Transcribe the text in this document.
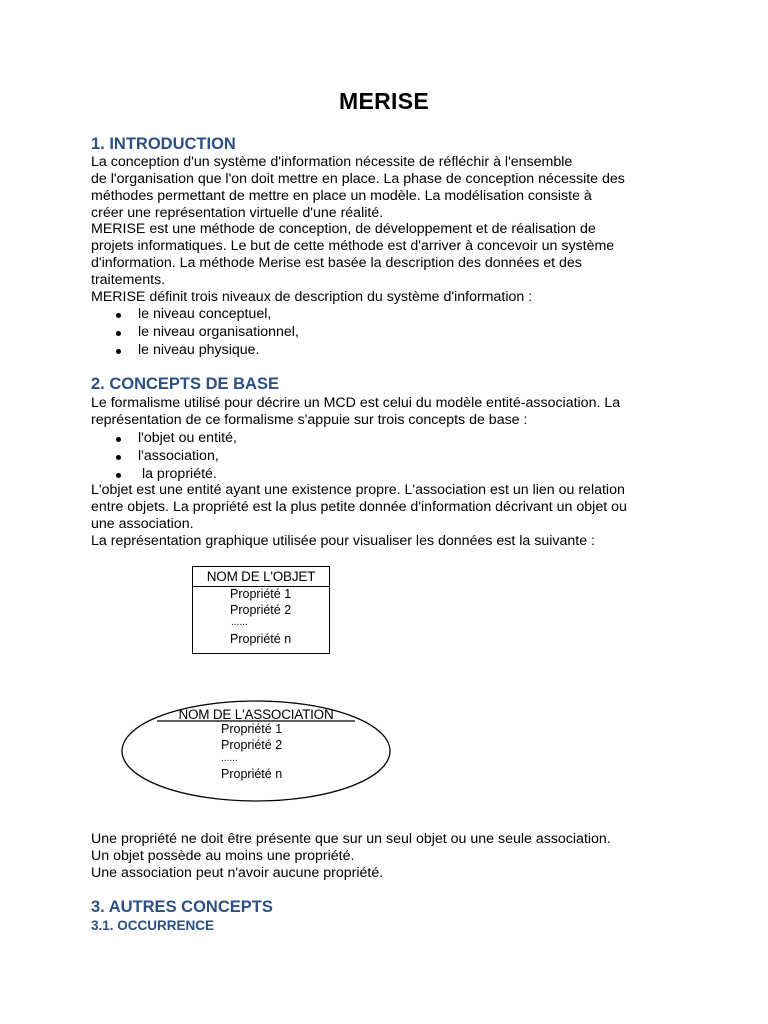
MERISE
1. INTRODUCTION
La conception d'un système d'information nécessite de réfléchir à l'ensemble
de l'organisation que l'on doit mettre en place. La phase de conception nécessite des
méthodes permettant de mettre en place un modèle. La modélisation consiste à
créer une représentation virtuelle d'une réalité.
MERISE est une méthode de conception, de développement et de réalisation de
projets informatiques. Le but de cette méthode est d'arriver à concevoir un système
d'information. La méthode Merise est basée la description des données et des
traitements.
MERISE définit trois niveaux de description du système d'information :
le niveau conceptuel,
le niveau organisationnel,
le niveau physique.
2. CONCEPTS DE BASE
Le formalisme utilisé pour décrire un MCD est celui du modèle entité-association. La
représentation de ce formalisme s'appuie sur trois concepts de base :
l'objet ou entité,
l'association,
la propriété.
L'objet est une entité ayant une existence propre. L'association est un lien ou relation
entre objets. La propriété est la plus petite donnée d'information décrivant un objet ou
une association.
La représentation graphique utilisée pour visualiser les données est la suivante :
NOM DE L'OBJET
Propriété 1
Propriété 2
......
Propriété n
NOM DE L'ASSOCIATION
Propriété 1
Propriété 2
......
Propriété n
Une propriété ne doit être présente que sur un seul objet ou une seule association.
Un objet possède au moins une propriété.
Une association peut n'avoir aucune propriété.
3. AUTRES CONCEPTS
3.1. OCCURRENCE
